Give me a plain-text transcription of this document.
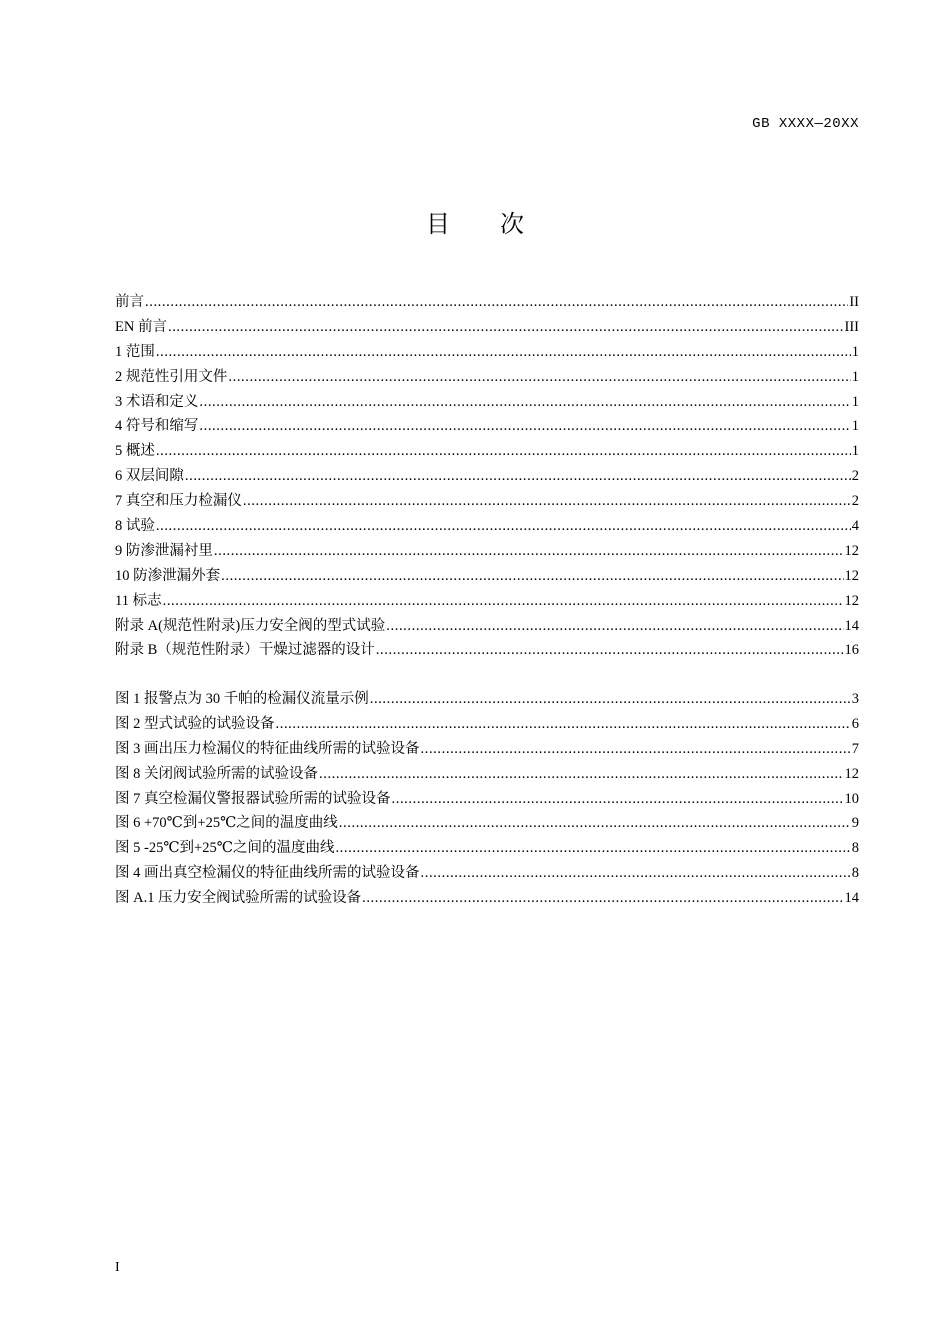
GB XXXX—20XX
目 次
前言 .....	II
EN 前言 .....	III
1 范围 .....	1
2 规范性引用文件 .....	1
3 术语和定义 .....	1
4 符号和缩写 .....	1
5 概述 .....	1
6 双层间隙 .....	2
7 真空和压力检漏仪 .....	2
8 试验 .....	4
9 防渗泄漏衬里 .....	12
10 防渗泄漏外套 .....	12
11 标志 .....	12
附录 A(规范性附录)压力安全阀的型式试验 .....	14
附录 B（规范性附录）干燥过滤器的设计 .....	16
图 1 报警点为 30 千帕的检漏仪流量示例 .....	3
图 2 型式试验的试验设备 .....	6
图 3 画出压力检漏仪的特征曲线所需的试验设备 .....	7
图 8 关闭阀试验所需的试验设备 .....	12
图 7 真空检漏仪警报器试验所需的试验设备 .....	10
图 6 +70℃到+25℃之间的温度曲线 .....	9
图 5 -25℃到+25℃之间的温度曲线 .....	8
图 4 画出真空检漏仪的特征曲线所需的试验设备 .....	8
图 A.1 压力安全阀试验所需的试验设备 .....	14
I
